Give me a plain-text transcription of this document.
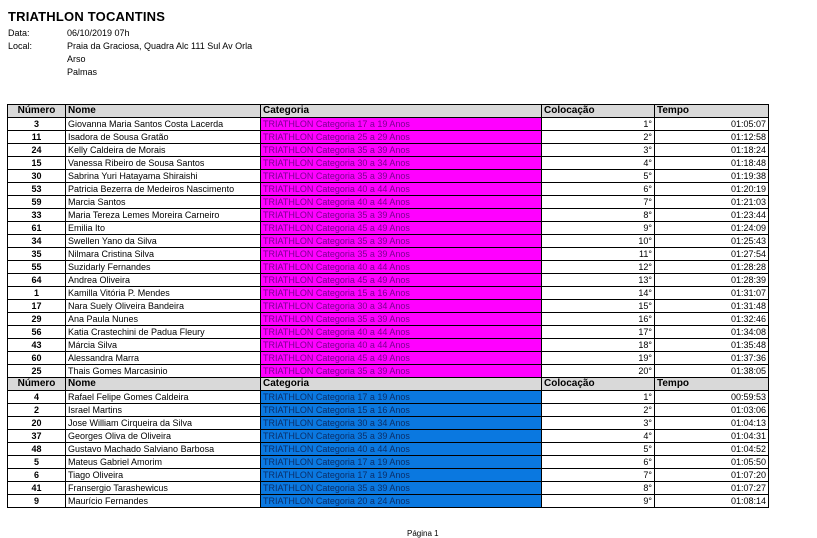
TRIATHLON TOCANTINS
Data:	06/10/2019 07h
Local:	Praia da Graciosa, Quadra Alc 111 Sul Av Orla
Arso
Palmas
Número	Nome	Categoria	Colocação	Tempo
3	Giovanna Maria Santos Costa Lacerda	TRIATHLON Categoria 17 a 19 Anos	1°	01:05:07
11	Isadora de Sousa Gratão	TRIATHLON Categoria 25 a 29 Anos	2°	01:12:58
24	Kelly Caldeira de Morais	TRIATHLON Categoria 35 a 39 Anos	3°	01:18:24
15	Vanessa Ribeiro de Sousa Santos	TRIATHLON Categoria 30 a 34 Anos	4°	01:18:48
30	Sabrina Yuri Hatayama Shiraishi	TRIATHLON Categoria 35 a 39 Anos	5°	01:19:38
53	Patricia Bezerra de Medeiros Nascimento	TRIATHLON Categoria 40 a 44 Anos	6°	01:20:19
59	Marcia Santos	TRIATHLON Categoria 40 a 44 Anos	7°	01:21:03
33	Maria Tereza Lemes Moreira Carneiro	TRIATHLON Categoria 35 a 39 Anos	8°	01:23:44
61	Emilia Ito	TRIATHLON Categoria 45 a 49 Anos	9°	01:24:09
34	Swellen Yano da Silva	TRIATHLON Categoria 35 a 39 Anos	10°	01:25:43
35	Nilmara Cristina Silva	TRIATHLON Categoria 35 a 39 Anos	11°	01:27:54
55	Suzidarly Fernandes	TRIATHLON Categoria 40 a 44 Anos	12°	01:28:28
64	Andrea Oliveira	TRIATHLON Categoria 45 a 49 Anos	13°	01:28:39
1	Kamilla Vitória P. Mendes	TRIATHLON Categoria 15 a 16 Anos	14°	01:31:07
17	Nara Suely Oliveira Bandeira	TRIATHLON Categoria 30 a 34 Anos	15°	01:31:48
29	Ana Paula Nunes	TRIATHLON Categoria 35 a 39 Anos	16°	01:32:46
56	Katia Crastechini de Padua Fleury	TRIATHLON Categoria 40 a 44 Anos	17°	01:34:08
43	Márcia Silva	TRIATHLON Categoria 40 a 44 Anos	18°	01:35:48
60	Alessandra Marra	TRIATHLON Categoria 45 a 49 Anos	19°	01:37:36
25	Thais Gomes Marcasinio	TRIATHLON Categoria 35 a 39 Anos	20°	01:38:05
Número	Nome	Categoria	Colocação	Tempo
4	Rafael Felipe Gomes Caldeira	TRIATHLON Categoria 17 a 19 Anos	1°	00:59:53
2	Israel Martins	TRIATHLON Categoria 15 a 16 Anos	2°	01:03:06
20	Jose William Cirqueira da Silva	TRIATHLON Categoria 30 a 34 Anos	3°	01:04:13
37	Georges Oliva de Oliveira	TRIATHLON Categoria 35 a 39 Anos	4°	01:04:31
48	Gustavo Machado Salviano Barbosa	TRIATHLON Categoria 40 a 44 Anos	5°	01:04:52
5	Mateus Gabriel Amorim	TRIATHLON Categoria 17 a 19 Anos	6°	01:05:50
6	Tiago Oliveira	TRIATHLON Categoria 17 a 19 Anos	7°	01:07:20
41	Fransergio Tarashewicus	TRIATHLON Categoria 35 a 39 Anos	8°	01:07:27
9	Maurício Fernandes	TRIATHLON Categoria 20 a 24 Anos	9°	01:08:14
Página 1
